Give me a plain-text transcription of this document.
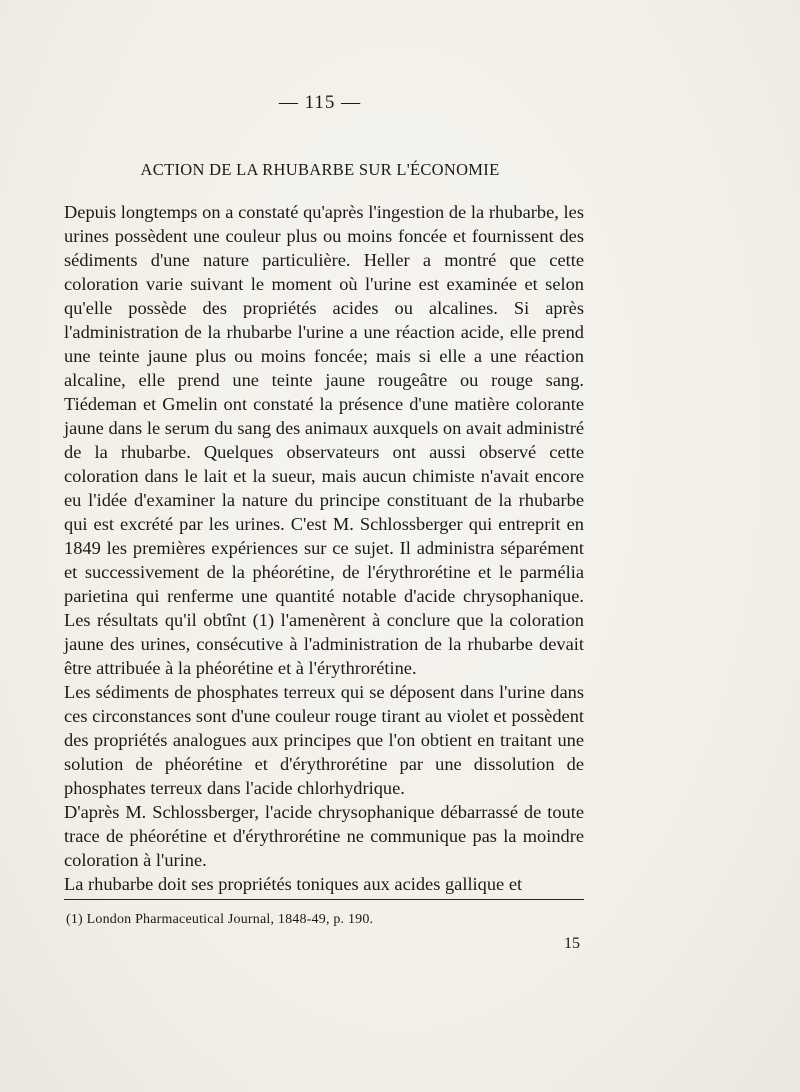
— 115 —
ACTION DE LA RHUBARBE SUR L'ÉCONOMIE

Depuis longtemps on a constaté qu'après l'ingestion de la rhubarbe, les urines possèdent une couleur plus ou moins foncée et fournissent des sédiments d'une nature particulière. Heller a montré que cette coloration varie suivant le moment où l'urine est examinée et selon qu'elle possède des propriétés acides ou alcalines. Si après l'administration de la rhubarbe l'urine a une réaction acide, elle prend une teinte jaune plus ou moins foncée; mais si elle a une réaction alcaline, elle prend une teinte jaune rougeâtre ou rouge sang. Tiédeman et Gmelin ont constaté la présence d'une matière colorante jaune dans le serum du sang des animaux auxquels on avait administré de la rhubarbe. Quelques observateurs ont aussi observé cette coloration dans le lait et la sueur, mais aucun chimiste n'avait encore eu l'idée d'examiner la nature du principe constituant de la rhubarbe qui est excrété par les urines. C'est M. Schlossberger qui entreprit en 1849 les premières expériences sur ce sujet. Il administra séparément et successivement de la phéorétine, de l'érythrorétine et le parmélia parietina qui renferme une quantité notable d'acide chrysophanique. Les résultats qu'il obtînt (1) l'amenèrent à conclure que la coloration jaune des urines, consécutive à l'administration de la rhubarbe devait être attribuée à la phéorétine et à l'érythrorétine.

Les sédiments de phosphates terreux qui se déposent dans l'urine dans ces circonstances sont d'une couleur rouge tirant au violet et possèdent des propriétés analogues aux principes que l'on obtient en traitant une solution de phéorétine et d'érythrorétine par une dissolution de phosphates terreux dans l'acide chlorhydrique.

D'après M. Schlossberger, l'acide chrysophanique débarrassé de toute trace de phéorétine et d'érythrorétine ne communique pas la moindre coloration à l'urine.

La rhubarbe doit ses propriétés toniques aux acides gallique et

(1) London Pharmaceutical Journal, 1848-49, p. 190.
15
